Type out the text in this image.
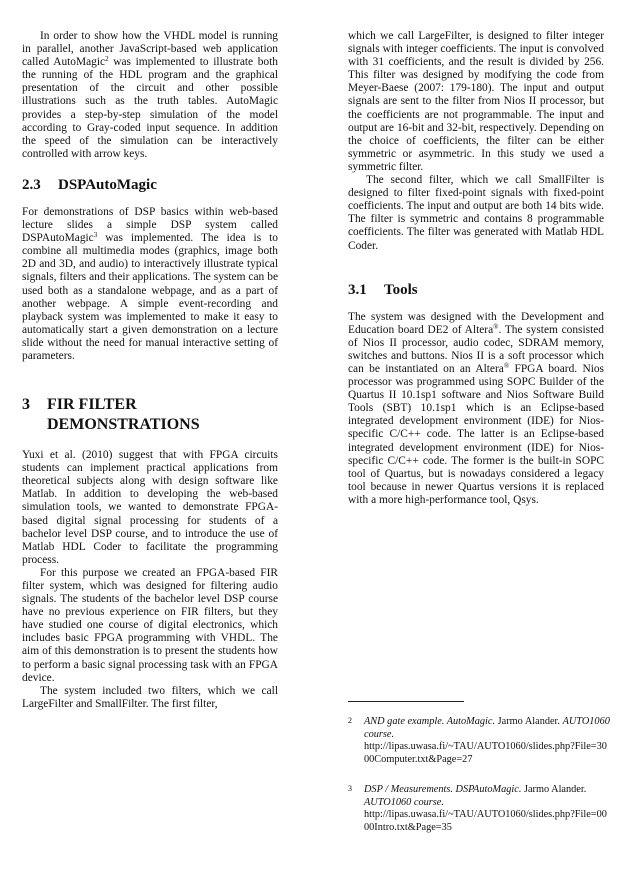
In order to show how the VHDL model is running in parallel, another JavaScript-based web application called AutoMagic$^2$ was implemented to illustrate both the running of the HDL program and the graphical presentation of the circuit and other possible illustrations such as the truth tables. AutoMagic provides a step-by-step simulation of the model according to Gray-coded input sequence. In addition the speed of the simulation can be interactively controlled with arrow keys.

2.3	DSPAutoMagic

For demonstrations of DSP basics within web-based lecture slides a simple DSP system called DSPAutoMagic$^3$ was implemented. The idea is to combine all multimedia modes (graphics, image both 2D and 3D, and audio) to interactively illustrate typical signals, filters and their applications. The system can be used both as a standalone webpage, and as a part of another webpage. A simple event-recording and playback system was implemented to make it easy to automatically start a given demonstration on a lecture slide without the need for manual interactive setting of parameters.

3	FIR FILTER DEMONSTRATIONS

Yuxi et al. (2010) suggest that with FPGA circuits students can implement practical applications from theoretical subjects along with design software like Matlab. In addition to developing the web-based simulation tools, we wanted to demonstrate FPGA-based digital signal processing for students of a bachelor level DSP course, and to introduce the use of Matlab HDL Coder to facilitate the programming process.

For this purpose we created an FPGA-based FIR filter system, which was designed for filtering audio signals. The students of the bachelor level DSP course have no previous experience on FIR filters, but they have studied one course of digital electronics, which includes basic FPGA programming with VHDL. The aim of this demonstration is to present the students how to perform a basic signal processing task with an FPGA device.

The system included two filters, which we call LargeFilter and SmallFilter. The first filter,

which we call LargeFilter, is designed to filter integer signals with integer coefficients. The input is convolved with 31 coefficients, and the result is divided by 256. This filter was designed by modifying the code from Meyer-Baese (2007: 179-180). The input and output signals are sent to the filter from Nios II processor, but the coefficients are not programmable. The input and output are 16-bit and 32-bit, respectively. Depending on the choice of coefficients, the filter can be either symmetric or asymmetric. In this study we used a symmetric filter.

The second filter, which we call SmallFilter is designed to filter fixed-point signals with fixed-point coefficients. The input and output are both 14 bits wide. The filter is symmetric and contains 8 programmable coefficients. The filter was generated with Matlab HDL Coder.

3.1	Tools

The system was designed with the Development and Education board DE2 of Altera®. The system consisted of Nios II processor, audio codec, SDRAM memory, switches and buttons. Nios II is a soft processor which can be instantiated on an Altera® FPGA board. Nios processor was programmed using SOPC Builder of the Quartus II 10.1sp1 software and Nios Software Build Tools (SBT) 10.1sp1 which is an Eclipse-based integrated development environment (IDE) for Nios-specific C/C++ code. The latter is an Eclipse-based integrated development environment (IDE) for Nios-specific C/C++ code. The former is the built-in SOPC tool of Quartus, but is nowadays considered a legacy tool because in newer Quartus versions it is replaced with a more high-performance tool, Qsys.

2	AND gate example. AutoMagic. Jarmo Alander. AUTO1060 course.
http://lipas.uwasa.fi/~TAU/AUTO1060/slides.php?File=3000Computer.txt&Page=27
3	DSP / Measurements. DSPAutoMagic. Jarmo Alander. AUTO1060 course.
http://lipas.uwasa.fi/~TAU/AUTO1060/slides.php?File=0000Intro.txt&Page=35
